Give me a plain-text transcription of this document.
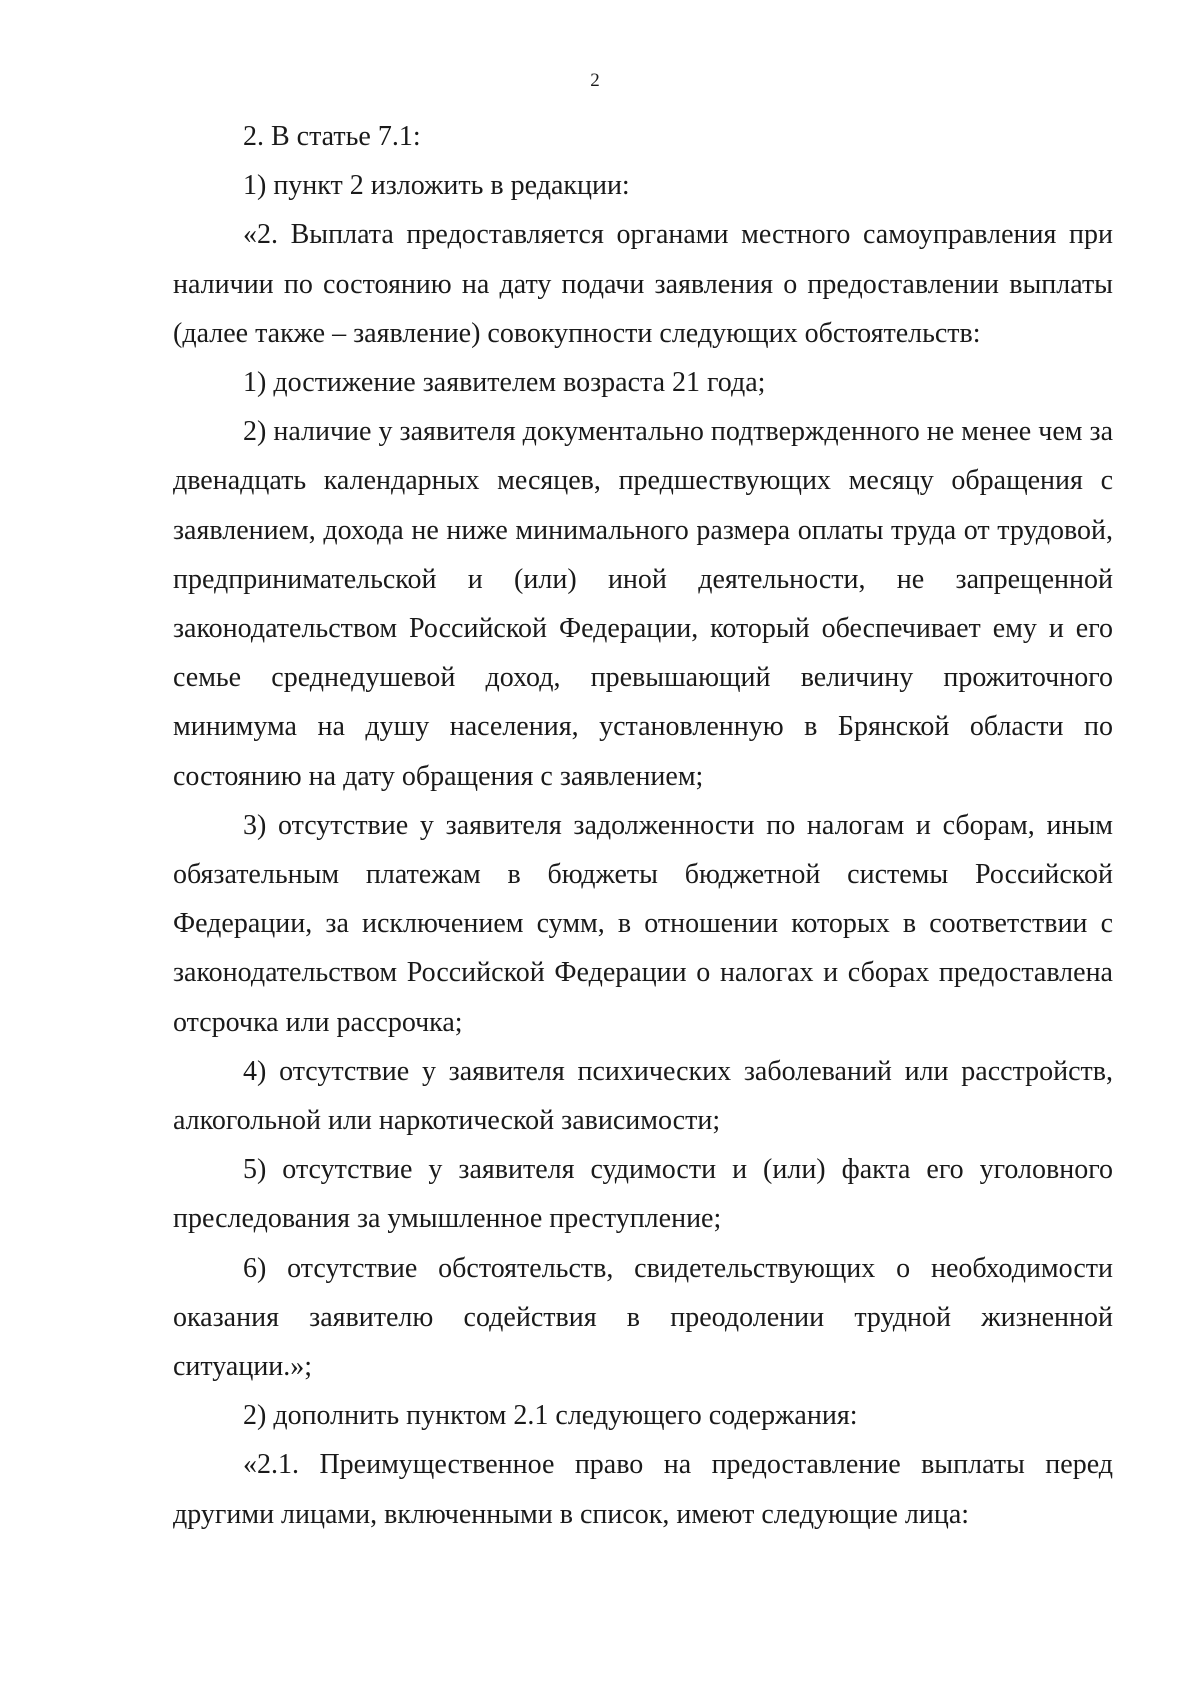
2

2. В статье 7.1:

1) пункт 2 изложить в редакции:

«2. Выплата предоставляется органами местного самоуправления при наличии по состоянию на дату подачи заявления о предоставлении выплаты (далее также – заявление) совокупности следующих обстоятельств:

1) достижение заявителем возраста 21 года;

2) наличие у заявителя документально подтвержденного не менее чем за двенадцать календарных месяцев, предшествующих месяцу обращения с заявлением, дохода не ниже минимального размера оплаты труда от трудовой, предпринимательской и (или) иной деятельности, не запрещенной законодательством Российской Федерации, который обеспечивает ему и его семье среднедушевой доход, превышающий величину прожиточного минимума на душу населения, установленную в Брянской области по состоянию на дату обращения с заявлением;

3) отсутствие у заявителя задолженности по налогам и сборам, иным обязательным платежам в бюджеты бюджетной системы Российской Федерации, за исключением сумм, в отношении которых в соответствии с законодательством Российской Федерации о налогах и сборах предоставлена отсрочка или рассрочка;

4) отсутствие у заявителя психических заболеваний или расстройств, алкогольной или наркотической зависимости;

5) отсутствие у заявителя судимости и (или) факта его уголовного преследования за умышленное преступление;

6) отсутствие обстоятельств, свидетельствующих о необходимости оказания заявителю содействия в преодолении трудной жизненной ситуации.»;

2) дополнить пунктом 2.1 следующего содержания:

«2.1. Преимущественное право на предоставление выплаты перед другими лицами, включенными в список, имеют следующие лица:
